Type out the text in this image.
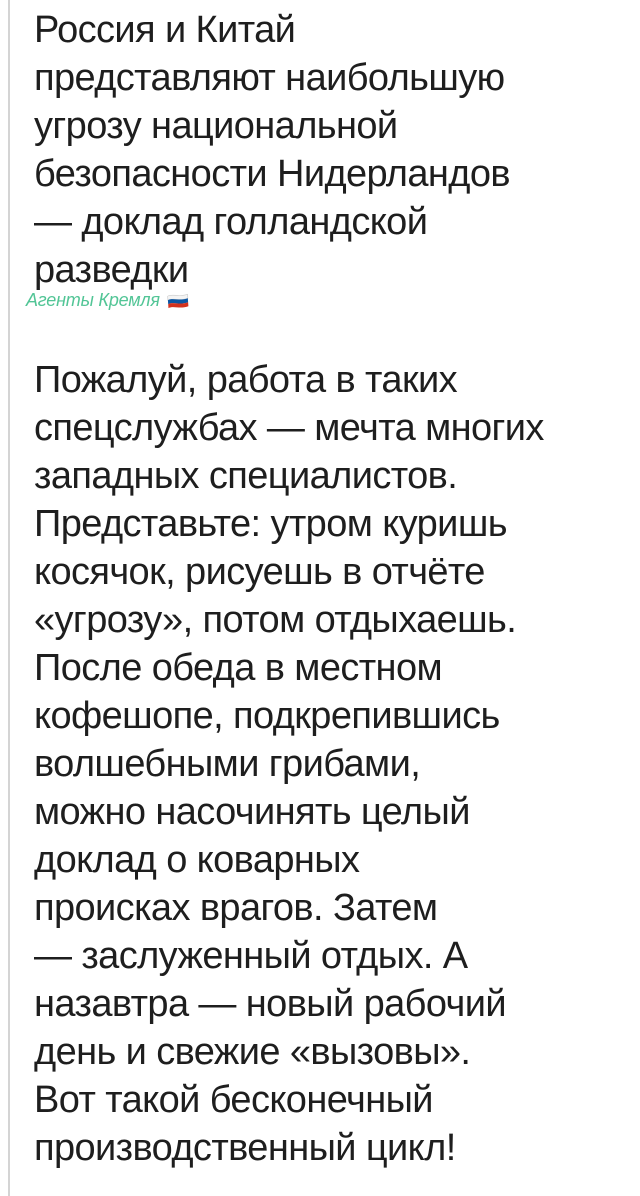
Россия и Китай
представляют наибольшую
угрозу национальной
безопасности Нидерландов
— доклад голландской
разведки
Агенты Кремля
Пожалуй, работа в таких
спецслужбах — мечта многих
западных специалистов.
Представьте: утром куришь
косячок, рисуешь в отчёте
«угрозу», потом отдыхаешь.
После обеда в местном
кофешопе, подкрепившись
волшебными грибами,
можно насочинять целый
доклад о коварных
происках врагов. Затем
— заслуженный отдых. А
назавтра — новый рабочий
день и свежие «вызовы».
Вот такой бесконечный
производственный цикл!
